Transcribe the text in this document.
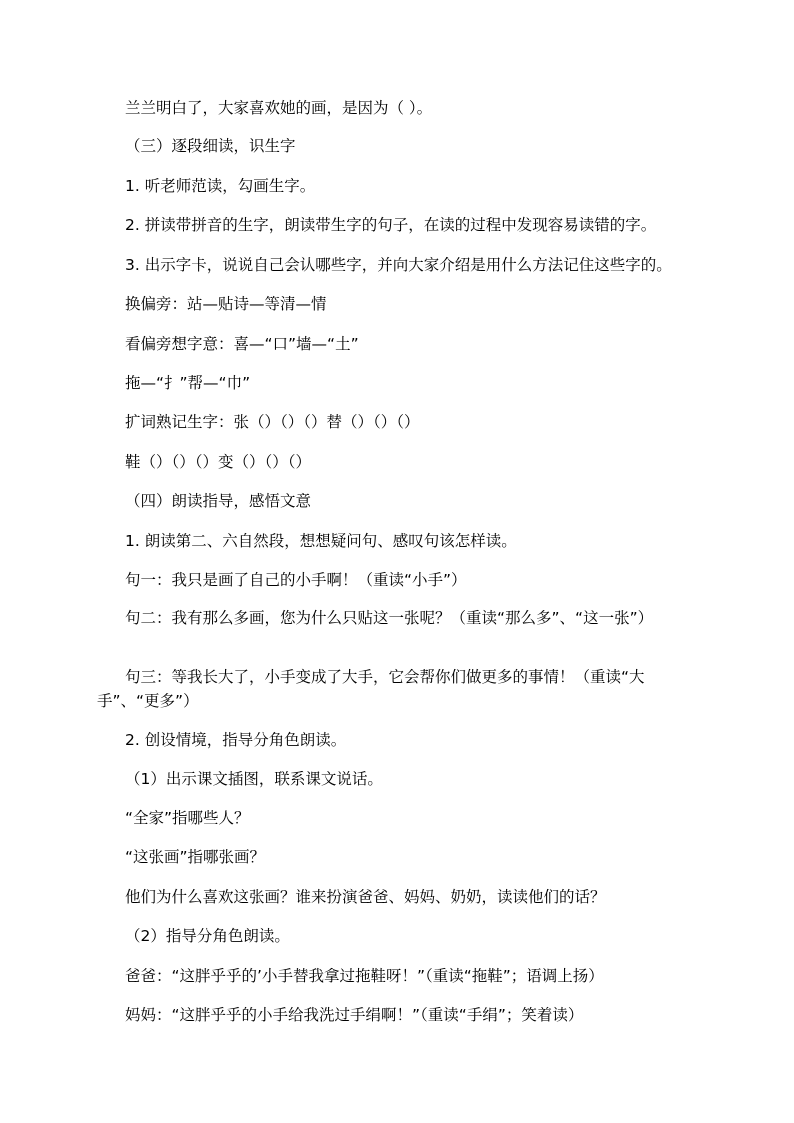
兰兰明白了，大家喜欢她的画，是因为（ ）。
（三）逐段细读，识生字
1. 听老师范读，勾画生字。
2. 拼读带拼音的生字，朗读带生字的句子，在读的过程中发现容易读错的字。
3. 出示字卡，说说自己会认哪些字，并向大家介绍是用什么方法记住这些字的。
换偏旁：站—贴诗—等清—情
看偏旁想字意：喜—“口”墙—“土”
拖—“扌”帮—“巾”
扩词熟记生字：张（）（）（）替（）（）（）
鞋（）（）（）变（）（）（）
（四）朗读指导，感悟文意
1. 朗读第二、六自然段，想想疑问句、感叹句该怎样读。
句一：我只是画了自己的小手啊！（重读“小手”）
句二：我有那么多画，您为什么只贴这一张呢？（重读“那么多”、“这一张”）
句三：等我长大了，小手变成了大手，它会帮你们做更多的事情！（重读“大手”、“更多”）
2. 创设情境，指导分角色朗读。
（1）出示课文插图，联系课文说话。
“全家”指哪些人？
“这张画”指哪张画？
他们为什么喜欢这张画？谁来扮演爸爸、妈妈、奶奶，读读他们的话？
（2）指导分角色朗读。
爸爸：“这胖乎乎的’小手替我拿过拖鞋呀！”（重读“拖鞋”；语调上扬）
妈妈：“这胖乎乎的小手给我洗过手绢啊！”（重读“手绢”；笑着读）
